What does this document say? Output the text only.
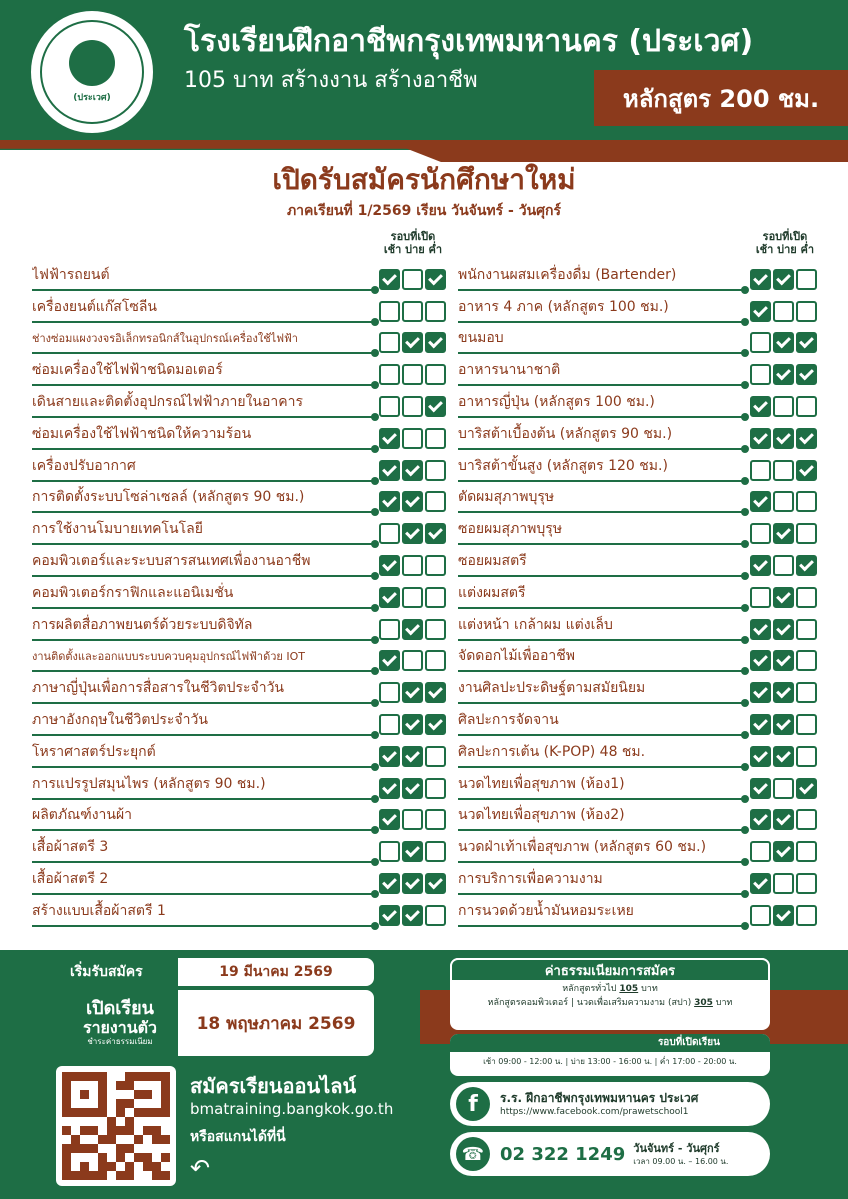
(ประเวศ)
โรงเรียนฝึกอาชีพกรุงเทพมหานคร (ประเวศ)
105 บาท สร้างงาน สร้างอาชีพ
หลักสูตร 200 ชม.
เปิดรับสมัครนักศึกษาใหม่
ภาคเรียนที่ 1/2569 เรียน วันจันทร์ - วันศุกร์
รอบที่เปิด
เช้า บ่าย ค่ำ
รอบที่เปิด
เช้า บ่าย ค่ำ
ไฟฟ้ารถยนต์
เครื่องยนต์แก๊สโซลีน
ช่างซ่อมแผงวงจรอิเล็กทรอนิกส์ในอุปกรณ์เครื่องใช้ไฟฟ้า
ซ่อมเครื่องใช้ไฟฟ้าชนิดมอเตอร์
เดินสายและติดตั้งอุปกรณ์ไฟฟ้าภายในอาคาร
ซ่อมเครื่องใช้ไฟฟ้าชนิดให้ความร้อน
เครื่องปรับอากาศ
การติดตั้งระบบโซล่าเซลล์ (หลักสูตร 90 ชม.)
การใช้งานโมบายเทคโนโลยี
คอมพิวเตอร์และระบบสารสนเทศเพื่องานอาชีพ
คอมพิวเตอร์กราฟิกและแอนิเมชั่น
การผลิตสื่อภาพยนตร์ด้วยระบบดิจิทัล
งานติดตั้งและออกแบบระบบควบคุมอุปกรณ์ไฟฟ้าด้วย IOT
ภาษาญี่ปุ่นเพื่อการสื่อสารในชีวิตประจำวัน
ภาษาอังกฤษในชีวิตประจำวัน
โหราศาสตร์ประยุกต์
การแปรรูปสมุนไพร (หลักสูตร 90 ชม.)
ผลิตภัณฑ์งานผ้า
เสื้อผ้าสตรี 3
เสื้อผ้าสตรี 2
สร้างแบบเสื้อผ้าสตรี 1
พนักงานผสมเครื่องดื่ม (Bartender)
อาหาร 4 ภาค (หลักสูตร 100 ชม.)
ขนมอบ
อาหารนานาชาติ
อาหารญี่ปุ่น (หลักสูตร 100 ชม.)
บาริสต้าเบื้องต้น (หลักสูตร 90 ชม.)
บาริสต้าขั้นสูง (หลักสูตร 120 ชม.)
ตัดผมสุภาพบุรุษ
ซอยผมสุภาพบุรุษ
ซอยผมสตรี
แต่งผมสตรี
แต่งหน้า เกล้าผม แต่งเล็บ
จัดดอกไม้เพื่ออาชีพ
งานศิลปะประดิษฐ์ตามสมัยนิยม
ศิลปะการจัดจาน
ศิลปะการเต้น (K-POP) 48 ชม.
นวดไทยเพื่อสุขภาพ (ห้อง1)
นวดไทยเพื่อสุขภาพ (ห้อง2)
นวดฝ่าเท้าเพื่อสุขภาพ (หลักสูตร 60 ชม.)
การบริการเพื่อความงาม
การนวดด้วยน้ำมันหอมระเหย
เริ่มรับสมัคร	19 มีนาคม 2569
เปิดเรียน
รายงานตัว
ชำระค่าธรรมเนียม
18 พฤษภาคม 2569
ค่าธรรมเนียมการสมัคร
หลักสูตรทั่วไป 105 บาท
หลักสูตรคอมพิวเตอร์ | นวดเพื่อเสริมความงาม (สปา) 305 บาท
รอบที่เปิดเรียน
เช้า 09:00 - 12:00 น. | บ่าย 13:00 - 16:00 น. | ค่ำ 17:00 - 20:00 น.
สมัครเรียนออนไลน์
bmatraining.bangkok.go.th
หรือสแกนได้ที่นี่
↶
f	ร.ร. ฝึกอาชีพกรุงเทพมหานคร ประเวศ
https://www.facebook.com/prawetschool1
☎ 02 322 1249 วันจันทร์ - วันศุกร์
เวลา 09.00 น. – 16.00 น.
